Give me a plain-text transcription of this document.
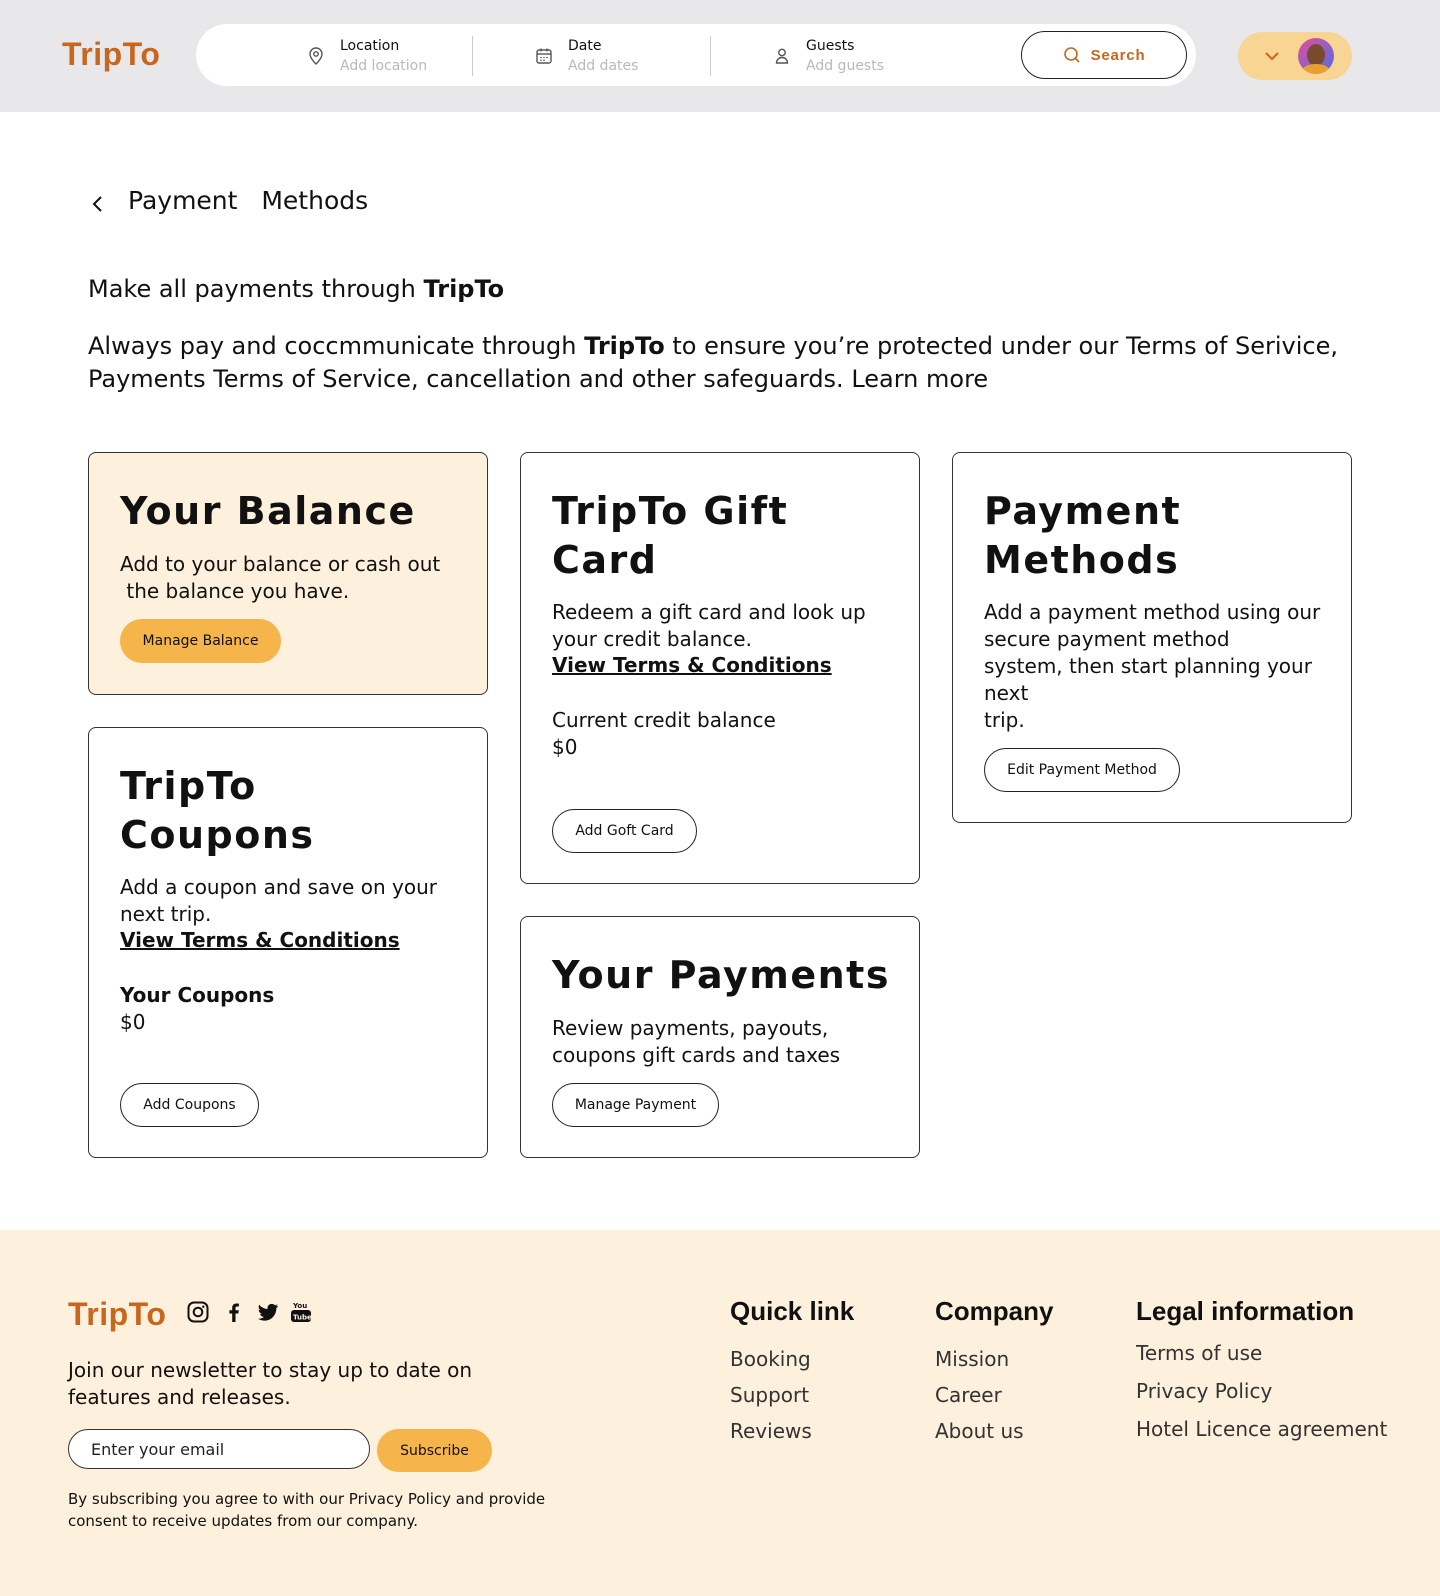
TripTo	Location
Add location
Date
Add dates
Guests
Add guests
Search
Payment  Methods
Make all payments through TripTo

Always pay and coccmmunicate through TripTo to ensure you’re protected under our Terms of Serivice, Payments Terms of Service, cancellation and other safeguards. Learn more

Your Balance
Add to your balance or cash out
the balance you have.
Manage Balance
TripTo Gift
Card
Redeem a gift card and look up your credit balance.
View Terms & Conditions
Current credit balance
$0
Add Goft Card
Payment
Methods
Add a payment method using our
secure payment method
system, then start planning your next
trip.
Edit Payment Method
TripTo
Coupons
Add a coupon and save on your next trip.
View Terms & Conditions
Your Coupons
$0
Add Coupons
Your Payments
Review payments, payouts, coupons gift cards and taxes
Manage Payment
TripTo	You
Tube

Join our newsletter to stay up to date on features and releases.

Enter your email
Subscribe

By subscribing you agree to with our Privacy Policy and provide consent to receive updates from our company.

Quick link
Booking
Support
Reviews
Company
Mission
Career
About us
Legal information
Terms of use
Privacy Policy
Hotel Licence agreement
